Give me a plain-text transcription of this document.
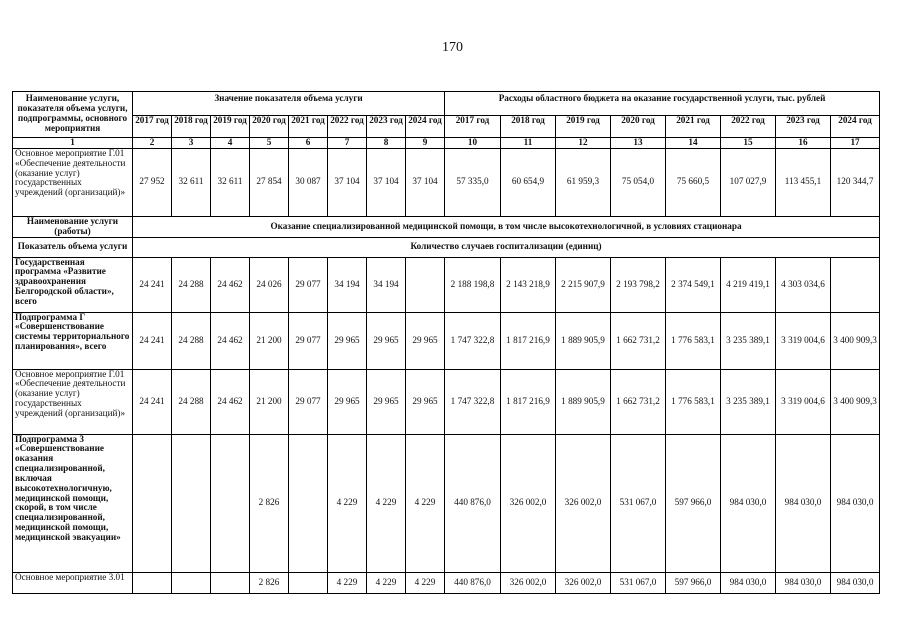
170
Наименование услуги, показателя объема услуги, подпрограммы, основного мероприятия	Значение показателя объема услуги								Расходы областного бюджета на оказание государственной услуги, тыс. рублей							
	2017 год	2018 год	2019 год	2020 год	2021 год	2022 год	2023 год	2024 год	2017 год	2018 год	2019 год	2020 год	2021 год	2022 год	2023 год	2024 год
1	2	3	4	5	6	7	8	9	10	11	12	13	14	15	16	17
Основное мероприятие Г.01 «Обеспечение деятельности (оказание услуг) государственных учреждений (организаций)»	27 952	32 611	32 611	27 854	30 087	37 104	37 104	37 104	57 335,0	60 654,9	61 959,3	75 054,0	75 660,5	107 027,9	113 455,1	120 344,7
Наименование услуги (работы)	Оказание специализированной медицинской помощи, в том числе высокотехнологичной, в условиях стационара															
Показатель объема услуги	Количество случаев госпитализации (единиц)															
Государственная программа «Развитие здравоохранения Белгородской области», всего	24 241	24 288	24 462	24 026	29 077	34 194	34 194		2 188 198,8	2 143 218,9	2 215 907,9	2 193 798,2	2 374 549,1	4 219 419,1	4 303 034,6	
Подпрограмма Г «Совершенствование системы территориального планирования», всего	24 241	24 288	24 462	21 200	29 077	29 965	29 965	29 965	1 747 322,8	1 817 216,9	1 889 905,9	1 662 731,2	1 776 583,1	3 235 389,1	3 319 004,6	3 400 909,3
Основное мероприятие Г.01 «Обеспечение деятельности (оказание услуг) государственных учреждений (организаций)»	24 241	24 288	24 462	21 200	29 077	29 965	29 965	29 965	1 747 322,8	1 817 216,9	1 889 905,9	1 662 731,2	1 776 583,1	3 235 389,1	3 319 004,6	3 400 909,3
Подпрограмма 3 «Совершенствование оказания специализированной, включая высокотехнологичную, медицинской помощи, скорой, в том числе специализированной, медицинской помощи, медицинской эвакуации»				2 826		4 229	4 229	4 229	440 876,0	326 002,0	326 002,0	531 067,0	597 966,0	984 030,0	984 030,0	984 030,0
Основное мероприятие 3.01				2 826		4 229	4 229	4 229	440 876,0	326 002,0	326 002,0	531 067,0	597 966,0	984 030,0	984 030,0	984 030,0
